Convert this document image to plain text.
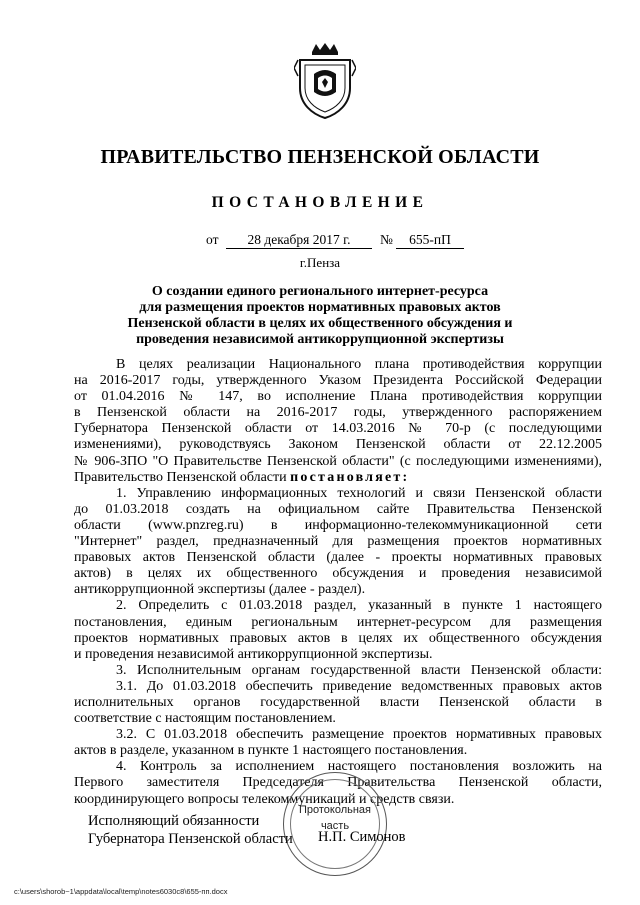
ПРАВИТЕЛЬСТВО ПЕНЗЕНСКОЙ ОБЛАСТИ
ПОСТАНОВЛЕНИЕ
от	28 декабря 2017 г.	№	655-пП
г.Пенза
О создании единого регионального интернет-ресурса
для размещения проектов нормативных правовых актов
Пензенской области в целях их общественного обсуждения и
проведения независимой антикоррупционной экспертизы
В целях реализации Национального плана противодействия коррупции
на 2016-2017 годы, утвержденного Указом Президента Российской Федерации
от 01.04.2016 № 147, во исполнение Плана противодействия коррупции
в Пензенской области на 2016-2017 годы, утвержденного распоряжением
Губернатора Пензенской области от 14.03.2016 № 70-р (с последующими
изменениями), руководствуясь Законом Пензенской области от 22.12.2005
№ 906-ЗПО "О Правительстве Пензенской области" (с последующими изменениями),
Правительство Пензенской области постановляет:
1. Управлению информационных технологий и связи Пензенской области
до 01.03.2018 создать на официальном сайте Правительства Пензенской
области (www.pnzreg.ru) в информационно-телекоммуникационной сети
"Интернет" раздел, предназначенный для размещения проектов нормативных
правовых актов Пензенской области (далее - проекты нормативных правовых
актов) в целях их общественного обсуждения и проведения независимой
антикоррупционной экспертизы (далее - раздел).
2. Определить с 01.03.2018 раздел, указанный в пункте 1 настоящего
постановления, единым региональным интернет-ресурсом для размещения
проектов нормативных правовых актов в целях их общественного обсуждения
и проведения независимой антикоррупционной экспертизы.
3. Исполнительным органам государственной власти Пензенской области:
3.1. До 01.03.2018 обеспечить приведение ведомственных правовых актов
исполнительных органов государственной власти Пензенской области в
соответствие с настоящим постановлением.
3.2. С 01.03.2018 обеспечить размещение проектов нормативных правовых
актов в разделе, указанном в пункте 1 настоящего постановления.
4. Контроль за исполнением настоящего постановления возложить на
Первого заместителя Председателя Правительства Пензенской области,
координирующего вопросы телекоммуникаций и средств связи.
Протокольная
часть
Исполняющий обязанности
Губернатора Пензенской области Н.П. Симонов
c:\users\shorob~1\appdata\local\temp\notes6030c8\655-пп.docx
